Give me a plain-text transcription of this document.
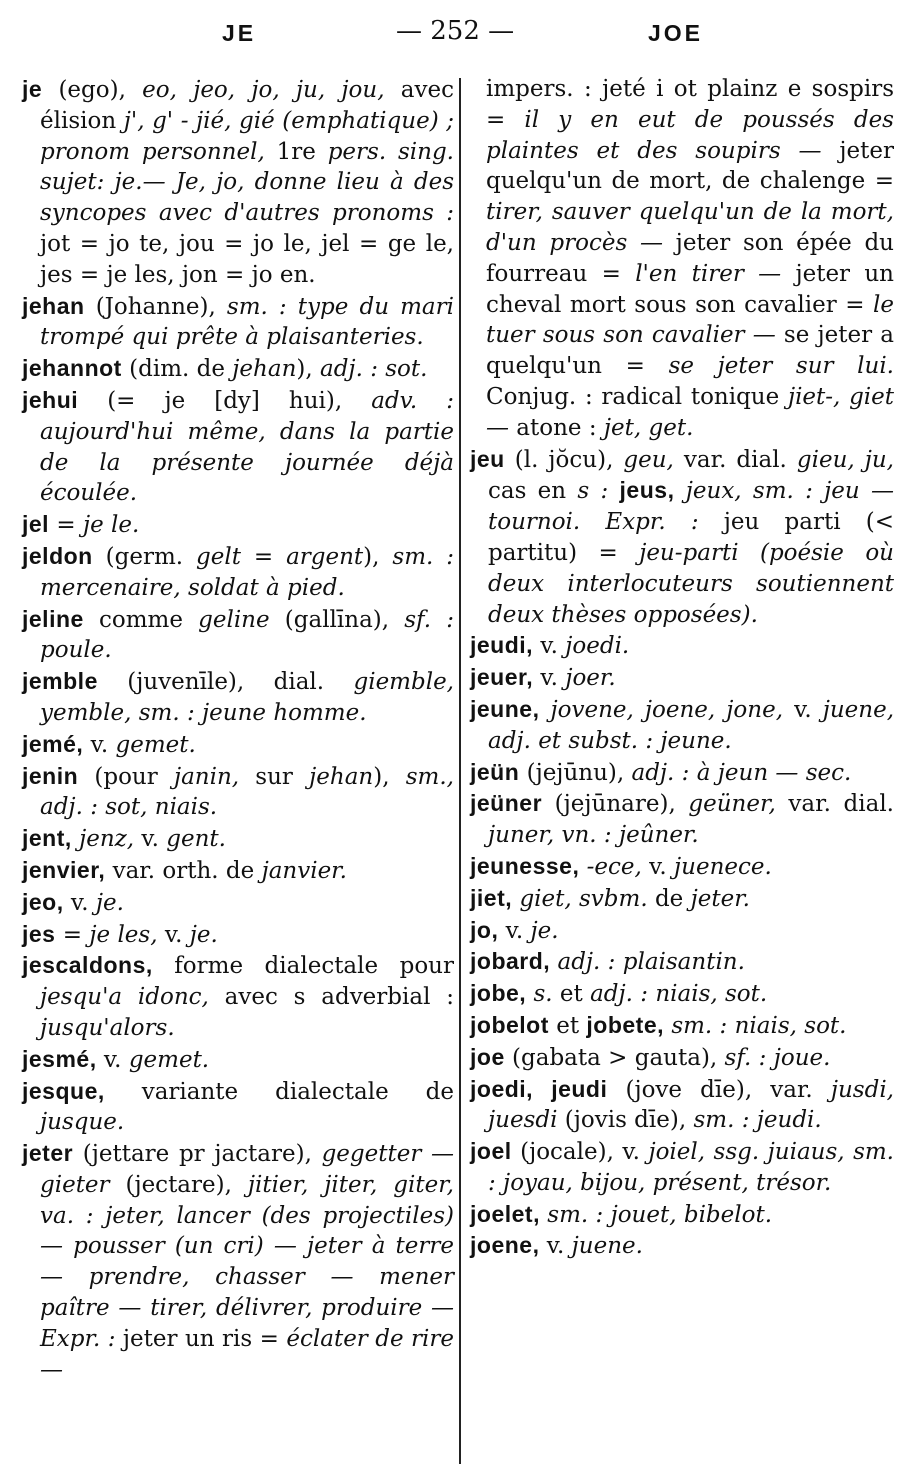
JE	— 252 —	JOE

je (ego), eo, jeo, jo, ju, jou, avec élision j', g' - jié, gié (emphatique) ; pronom personnel, 1re pers. sing. sujet: je.— Je, jo, donne lieu à des syncopes avec d'autres pronoms : jot = jo te, jou = jo le, jel = ge le, jes = je les, jon = jo en.

jehan (Johanne), sm. : type du mari trompé qui prête à plaisanteries.

jehannot (dim. de jehan), adj. : sot.

jehui (= je [dy] hui), adv. : aujourd'hui même, dans la partie de la présente journée déjà écoulée.

jel = je le.

jeldon (germ. gelt = argent), sm. : mercenaire, soldat à pied.

jeline comme geline (gallīna), sf. : poule.

jemble (juvenīle), dial. giemble, yemble, sm. : jeune homme.

jemé, v. gemet.

jenin (pour janin, sur jehan), sm., adj. : sot, niais.

jent, jenz, v. gent.

jenvier, var. orth. de janvier.

jeo, v. je.

jes = je les, v. je.

jescaldons, forme dialectale pour jesqu'a idonc, avec s adverbial : jusqu'alors.

jesmé, v. gemet.

jesque, variante dialectale de jusque.

jeter (jettare pr jactare), gegetter — gieter (jectare), jitier, jiter, giter, va. : jeter, lancer (des projectiles) — pousser (un cri) — jeter à terre — prendre, chasser — mener paître — tirer, délivrer, produire — Expr. : jeter un ris = éclater de rire —

impers. : jeté i ot plainz e sospirs = il y en eut de poussés des plaintes et des soupirs — jeter quelqu'un de mort, de chalenge = tirer, sauver quelqu'un de la mort, d'un procès — jeter son épée du fourreau = l'en tirer — jeter un cheval mort sous son cavalier = le tuer sous son cavalier — se jeter a quelqu'un = se jeter sur lui. Conjug. : radical tonique jiet-, giet — atone : jet, get.

jeu (l. jŏcu), geu, var. dial. gieu, ju, cas en s : jeus, jeux, sm. : jeu — tournoi. Expr. : jeu parti (< partitu) = jeu-parti (poésie où deux interlocuteurs soutiennent deux thèses opposées).

jeudi, v. joedi.

jeuer, v. joer.

jeune, jovene, joene, jone, v. juene, adj. et subst. : jeune.

jeün (jejūnu), adj. : à jeun — sec.

jeüner (jejūnare), geüner, var. dial. juner, vn. : jeûner.

jeunesse, -ece, v. juenece.

jiet, giet, svbm. de jeter.

jo, v. je.

jobard, adj. : plaisantin.

jobe, s. et adj. : niais, sot.

jobelot et jobete, sm. : niais, sot.

joe (gabata > gauta), sf. : joue.

joedi, jeudi (jove dīe), var. jusdi, juesdi (jovis dīe), sm. : jeudi.

joel (jocale), v. joiel, ssg. juiaus, sm. : joyau, bijou, présent, trésor.

joelet, sm. : jouet, bibelot.

joene, v. juene.
